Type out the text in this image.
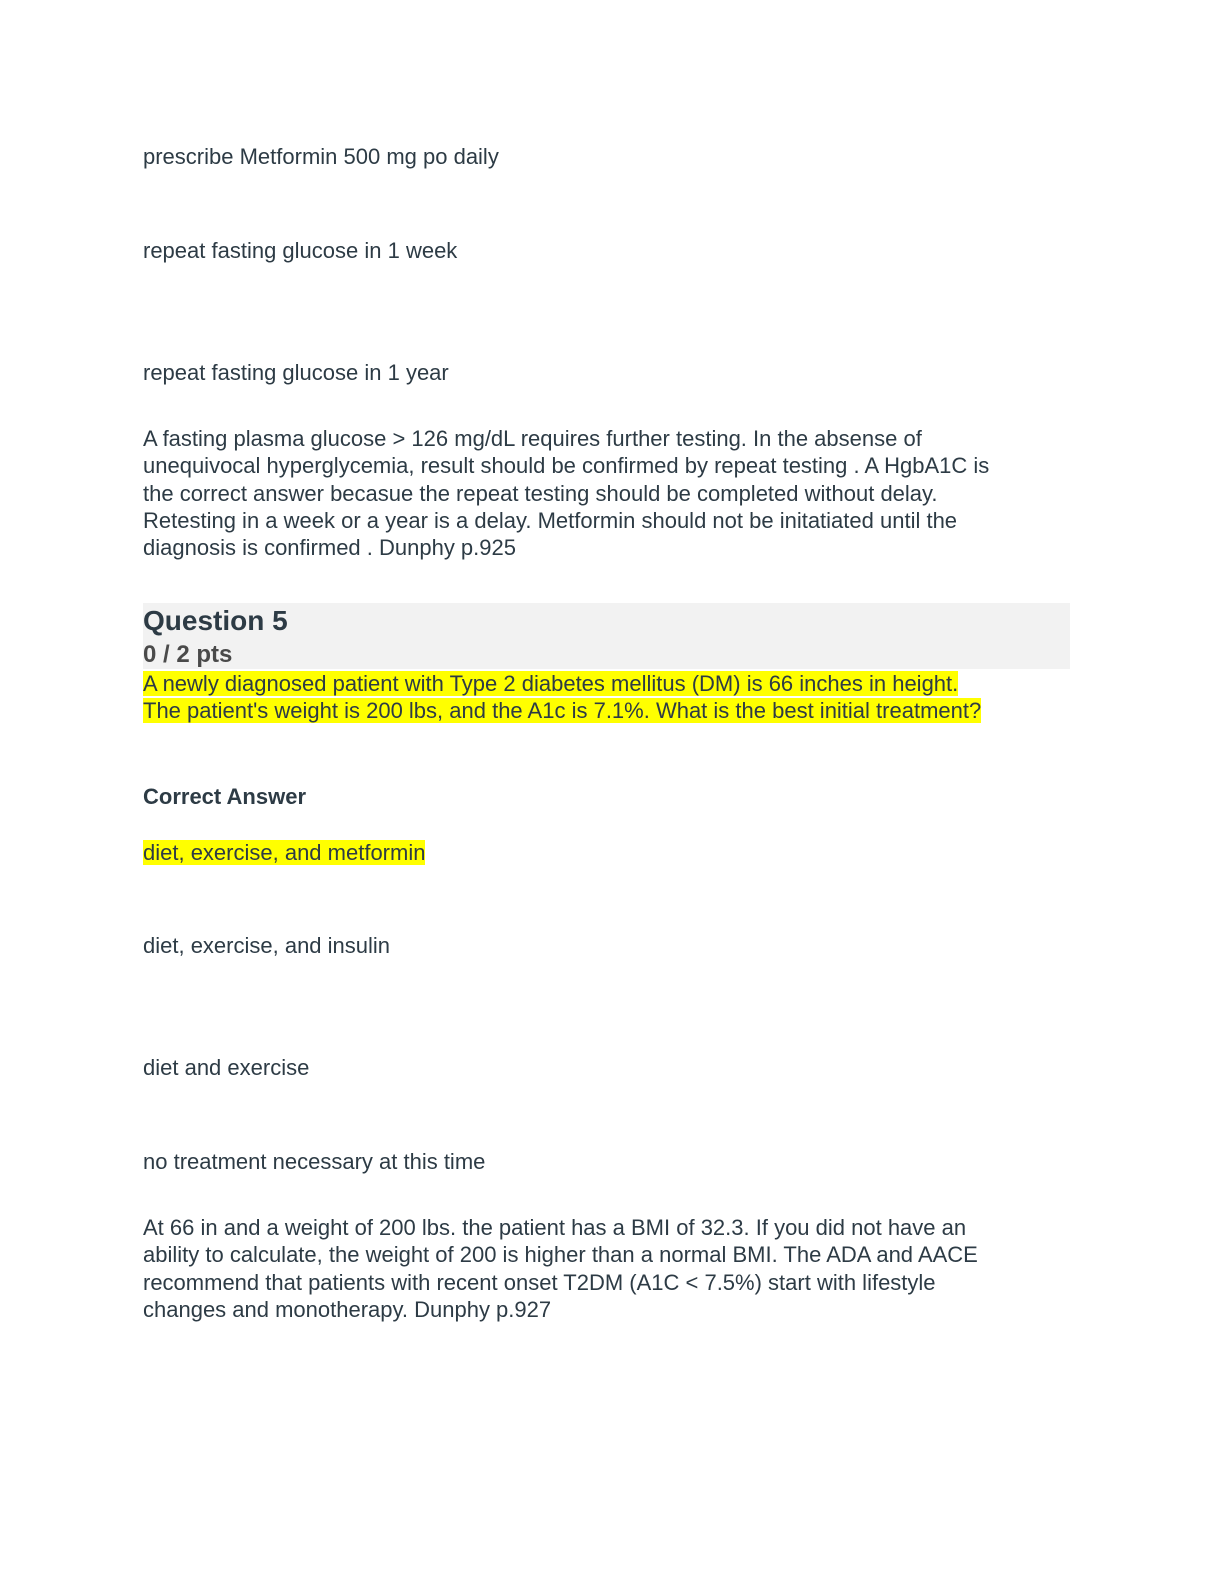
prescribe Metformin 500 mg po daily
repeat fasting glucose in 1 week
repeat fasting glucose in 1 year
A fasting plasma glucose > 126 mg/dL requires further testing. In the absense of
unequivocal hyperglycemia, result should be confirmed by repeat testing . A HgbA1C is
the correct answer becasue the repeat testing should be completed without delay.
Retesting in a week or a year is a delay. Metformin should not be initatiated until the
diagnosis is confirmed . Dunphy p.925
Question 5
0 / 2 pts
A newly diagnosed patient with Type 2 diabetes mellitus (DM) is 66 inches in height.
The patient's weight is 200 lbs, and the A1c is 7.1%. What is the best initial treatment?
Correct Answer
diet, exercise, and metformin
diet, exercise, and insulin
diet and exercise
no treatment necessary at this time
At 66 in and a weight of 200 lbs. the patient has a BMI of 32.3. If you did not have an
ability to calculate, the weight of 200 is higher than a normal BMI. The ADA and AACE
recommend that patients with recent onset T2DM (A1C < 7.5%) start with lifestyle
changes and monotherapy. Dunphy p.927
